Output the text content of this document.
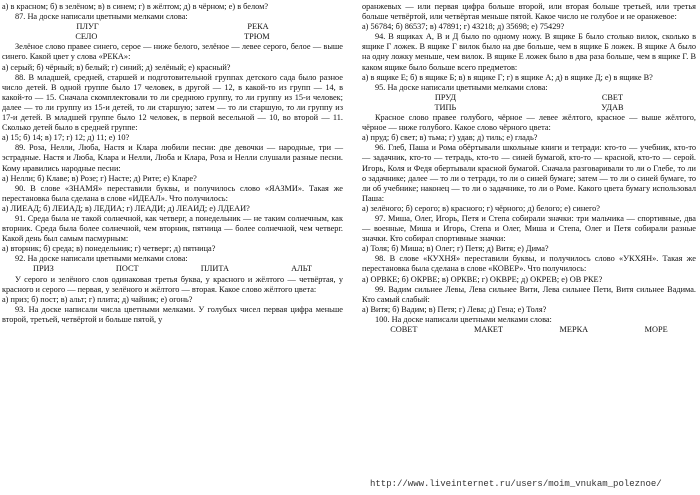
а) в красном; б) в зелёном; в) в синем; г) в жёлтом; д) в чёрном; е) в белом?

87. На доске написали цветными мелками слова:

ПЛУГ	РЕКА
СЕЛО	ТРЮМ

Зелёное слово правее синего, серое — ниже белого, зелёное — левее серого, белое — выше синего. Какой цвет у слова «РЕКА»:

а) серый; б) чёрный; в) белый; г) синий; д) зелёный; е) красный?

88. В младшей, средней, старшей и подготовительной группах детского сада было разное число детей. В одной группе было 17 человек, в другой — 12, в какой-то из групп — 14, в какой-то — 15. Сначала скомплектовали то ли среднюю группу, то ли группу из 15-и человек; далее — то ли группу из 15-и детей, то ли старшую; затем — то ли старшую, то ли группу из 17-и детей. В младшей группе было 12 человек, в первой весельной — 10, во второй — 11. Сколько детей было в средней группе:

а) 15; б) 14; в) 17; г) 12; д) 11; е) 10?

89. Роза, Нелли, Люба, Настя и Клара любили песни: две девочки — народные, три — эстрадные. Настя и Люба, Клара и Нелли, Люба и Клара, Роза и Нелли слушали разные песни. Кому нравились народные песни:

а) Нелли; б) Клаве; в) Розе; г) Насте; д) Рите; е) Кларе?

90. В слове «ЗНАМЯ» переставили буквы, и получилось слово «ЯАЗМИ». Такая же перестановка была сделана в слове «ИДЕАЛ». Что получилось:

а) ЛИЕАД; б) ЛЕИАД; в) ЛЕДИА; г) ЛЕАДИ; д) ЛЕАИД; е) ЛДЕАИ?

91. Среда была не такой солнечной, как четверг, а понедельник — не таким солнечным, как вторник. Среда была более солнечной, чем вторник, пятница — более солнечной, чем четверг. Какой день был самым пасмурным:

а) вторник; б) среда; в) понедельник; г) четверг; д) пятница?

92. На доске написали цветными мелками слова:

ПРИЗ	ПОСТ	ПЛИТА	АЛЬТ

У серого и зелёного слов одинаковая третья буква, у красного и жёлтого — четвёртая, у красного и серого — первая, у зелёного и жёлтого — вторая. Какое слово жёлтого цвета:

а) приз; б) пост; в) альт; г) плита; д) чайник; е) огонь?

93. На доске написали числа цветными мелками. У голубых чисел первая цифра меньше второй, третьей, четвёртой и больше пятой, у

оранжевых — или первая цифра больше второй, или вторая больше третьей, или третья больше четвёртой, или четвёртая меньше пятой. Какое число не голубое и не оранжевое:

а) 56784; б) 86537; в) 47891; г) 43218; д) 35698; е) 75429?

94. В ящиках А, В и Д было по одному ножу. В ящике Б было столько вилок, сколько в ящике Г ложек. В ящике Г вилок было на две больше, чем в ящике Б ложек. В ящике А было на одну ложку меньше, чем вилок. В ящике Е ложек было в два раза больше, чем в ящике Г. В каком ящике было больше всего предметов:

а) в ящике Е; б) в ящике Б; в) в ящике Г; г) в ящике А; д) в ящике Д; е) в ящике В?

95. На доске написали цветными мелками слова:

ПРУД	СВЕТ
ТИПЬ	УДАВ

Красное слово правее голубого, чёрное — левее жёлтого, красное — выше жёлтого, чёрное — ниже голубого. Какое слово чёрного цвета:

а) пруд; б) свет; в) тьма; г) удав; д) тиль; е) гладь?

96. Глеб, Паша и Рома обёртывали школьные книги и тетради: кто-то — учебник, кто-то — задачник, кто-то — тетрадь, кто-то — синей бумагой, кто-то — красной, кто-то — серой. Игорь, Коля и Федя обертывали красной бумагой. Сначала разговаривали то ли о Глебе, то ли о задачнике; далее — то ли о тетради, то ли о синей бумаге; затем — то ли о синей бумаге, то ли об учебнике; наконец — то ли о задачнике, то ли о Роме. Какого цвета бумагу использовал Паша:

а) зелёного; б) серого; в) красного; г) чёрного; д) белого; е) синего?

97. Миша, Олег, Игорь, Петя и Степа собирали значки: три мальчика — спортивные, два — военные, Миша и Игорь, Степа и Олег, Миша и Степа, Олег и Петя собирали разные значки. Кто собирал спортивные значки:

а) Толя; б) Миша; в) Олег; г) Петя; д) Витя; е) Дима?

98. В слове «КУХНЯ» переставили буквы, и получилось слово «УКХЯН». Такая же перестановка была сделана в слове «КОВЕР». Что получилось:

а) ОРВКЕ; б) ОКРВЕ; в) ОРКВЕ; г) ОКВРЕ; д) ОКРЕВ; е) ОВ РКЕ?

99. Вадим сильнее Левы, Лева сильнее Вити, Лева сильнее Пети, Витя сильнее Вадима. Кто самый слабый:

а) Витя; б) Вадим; в) Петя; г) Лева; д) Гена; е) Толя?

100. На доске написали цветными мелками слова:

СОВЕТ	МАКЕТ	МЕРКА	МОРЕ
http://www.liveinternet.ru/users/moim_vnukam_poleznoe/
